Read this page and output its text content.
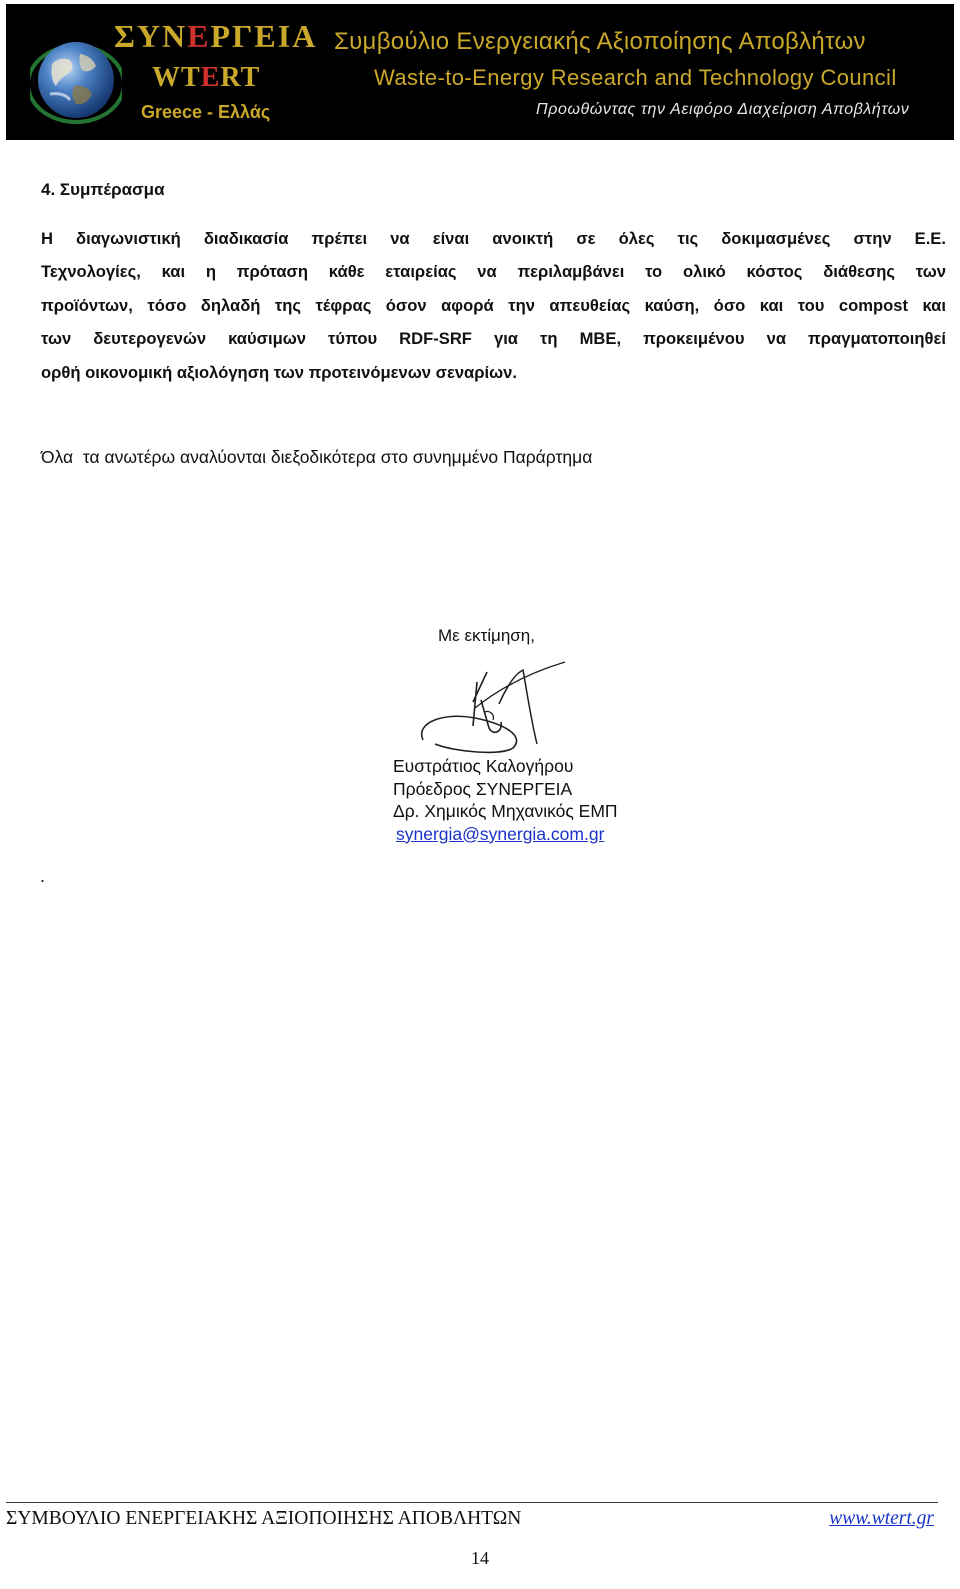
ΣΥΝΕΡΓΕΙΑ
WTERT
Greece - Ελλάς
Συμβούλιο Ενεργειακής Αξιοποίησης Αποβλήτων
Waste-to-Energy Research and Technology Council
Προωθώντας την Αειφόρο Διαχείριση Αποβλήτων
4. Συμπέρασμα
Η διαγωνιστική διαδικασία πρέπει να είναι ανοικτή σε όλες τις δοκιμασμένες στην Ε.Ε.
Τεχνολογίες, και η πρόταση κάθε εταιρείας να περιλαμβάνει το ολικό κόστος διάθεσης των
προϊόντων, τόσο δηλαδή της τέφρας όσον αφορά την απευθείας καύση, όσο και του compost και
των δευτερογενών καύσιμων τύπου RDF-SRF για τη ΜΒΕ, προκειμένου να πραγματοποιηθεί
ορθή οικονομική αξιολόγηση των προτεινόμενων σεναρίων.
Όλα  τα ανωτέρω αναλύονται διεξοδικότερα στο συνημμένο Παράρτημα
Με εκτίμηση,
Ευστράτιος Καλογήρου
Πρόεδρος ΣΥΝΕΡΓΕΙΑ
Δρ. Χημικός Μηχανικός ΕΜΠ
synergia@synergia.com.gr
.
ΣΥΜΒΟΥΛΙΟ ΕΝΕΡΓΕΙΑΚΗΣ ΑΞΙΟΠΟΙΗΣΗΣ ΑΠΟΒΛΗΤΩΝ	www.wtert.gr
14
